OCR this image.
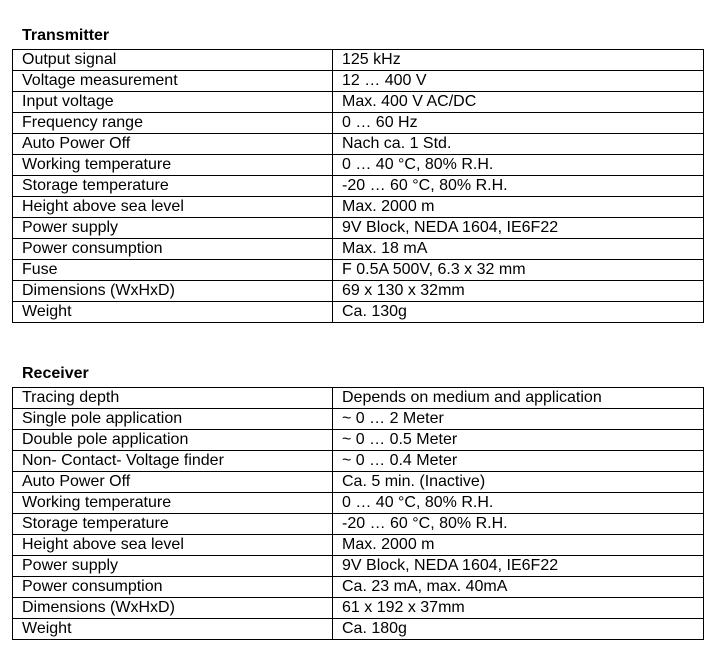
Transmitter
Output signal	125 kHz
Voltage measurement	12 … 400 V
Input voltage	Max. 400 V AC/DC
Frequency range	0 … 60 Hz
Auto Power Off	Nach ca. 1 Std.
Working temperature	0 … 40 °C, 80% R.H.
Storage temperature	-20 … 60 °C, 80% R.H.
Height above sea level	Max. 2000 m
Power supply	9V Block, NEDA 1604, IE6F22
Power consumption	Max. 18 mA
Fuse	F 0.5A 500V, 6.3 x 32 mm
Dimensions (WxHxD)	69 x 130 x 32mm
Weight	Ca. 130g
Receiver
Tracing depth	Depends on medium and application
Single pole application	~ 0 … 2 Meter
Double pole application	~ 0 … 0.5 Meter
Non- Contact- Voltage finder	~ 0 … 0.4 Meter
Auto Power Off	Ca. 5 min. (Inactive)
Working temperature	0 … 40 °C, 80% R.H.
Storage temperature	-20 … 60 °C, 80% R.H.
Height above sea level	Max. 2000 m
Power supply	9V Block, NEDA 1604, IE6F22
Power consumption	Ca. 23 mA, max. 40mA
Dimensions (WxHxD)	61 x 192 x 37mm
Weight	Ca. 180g
